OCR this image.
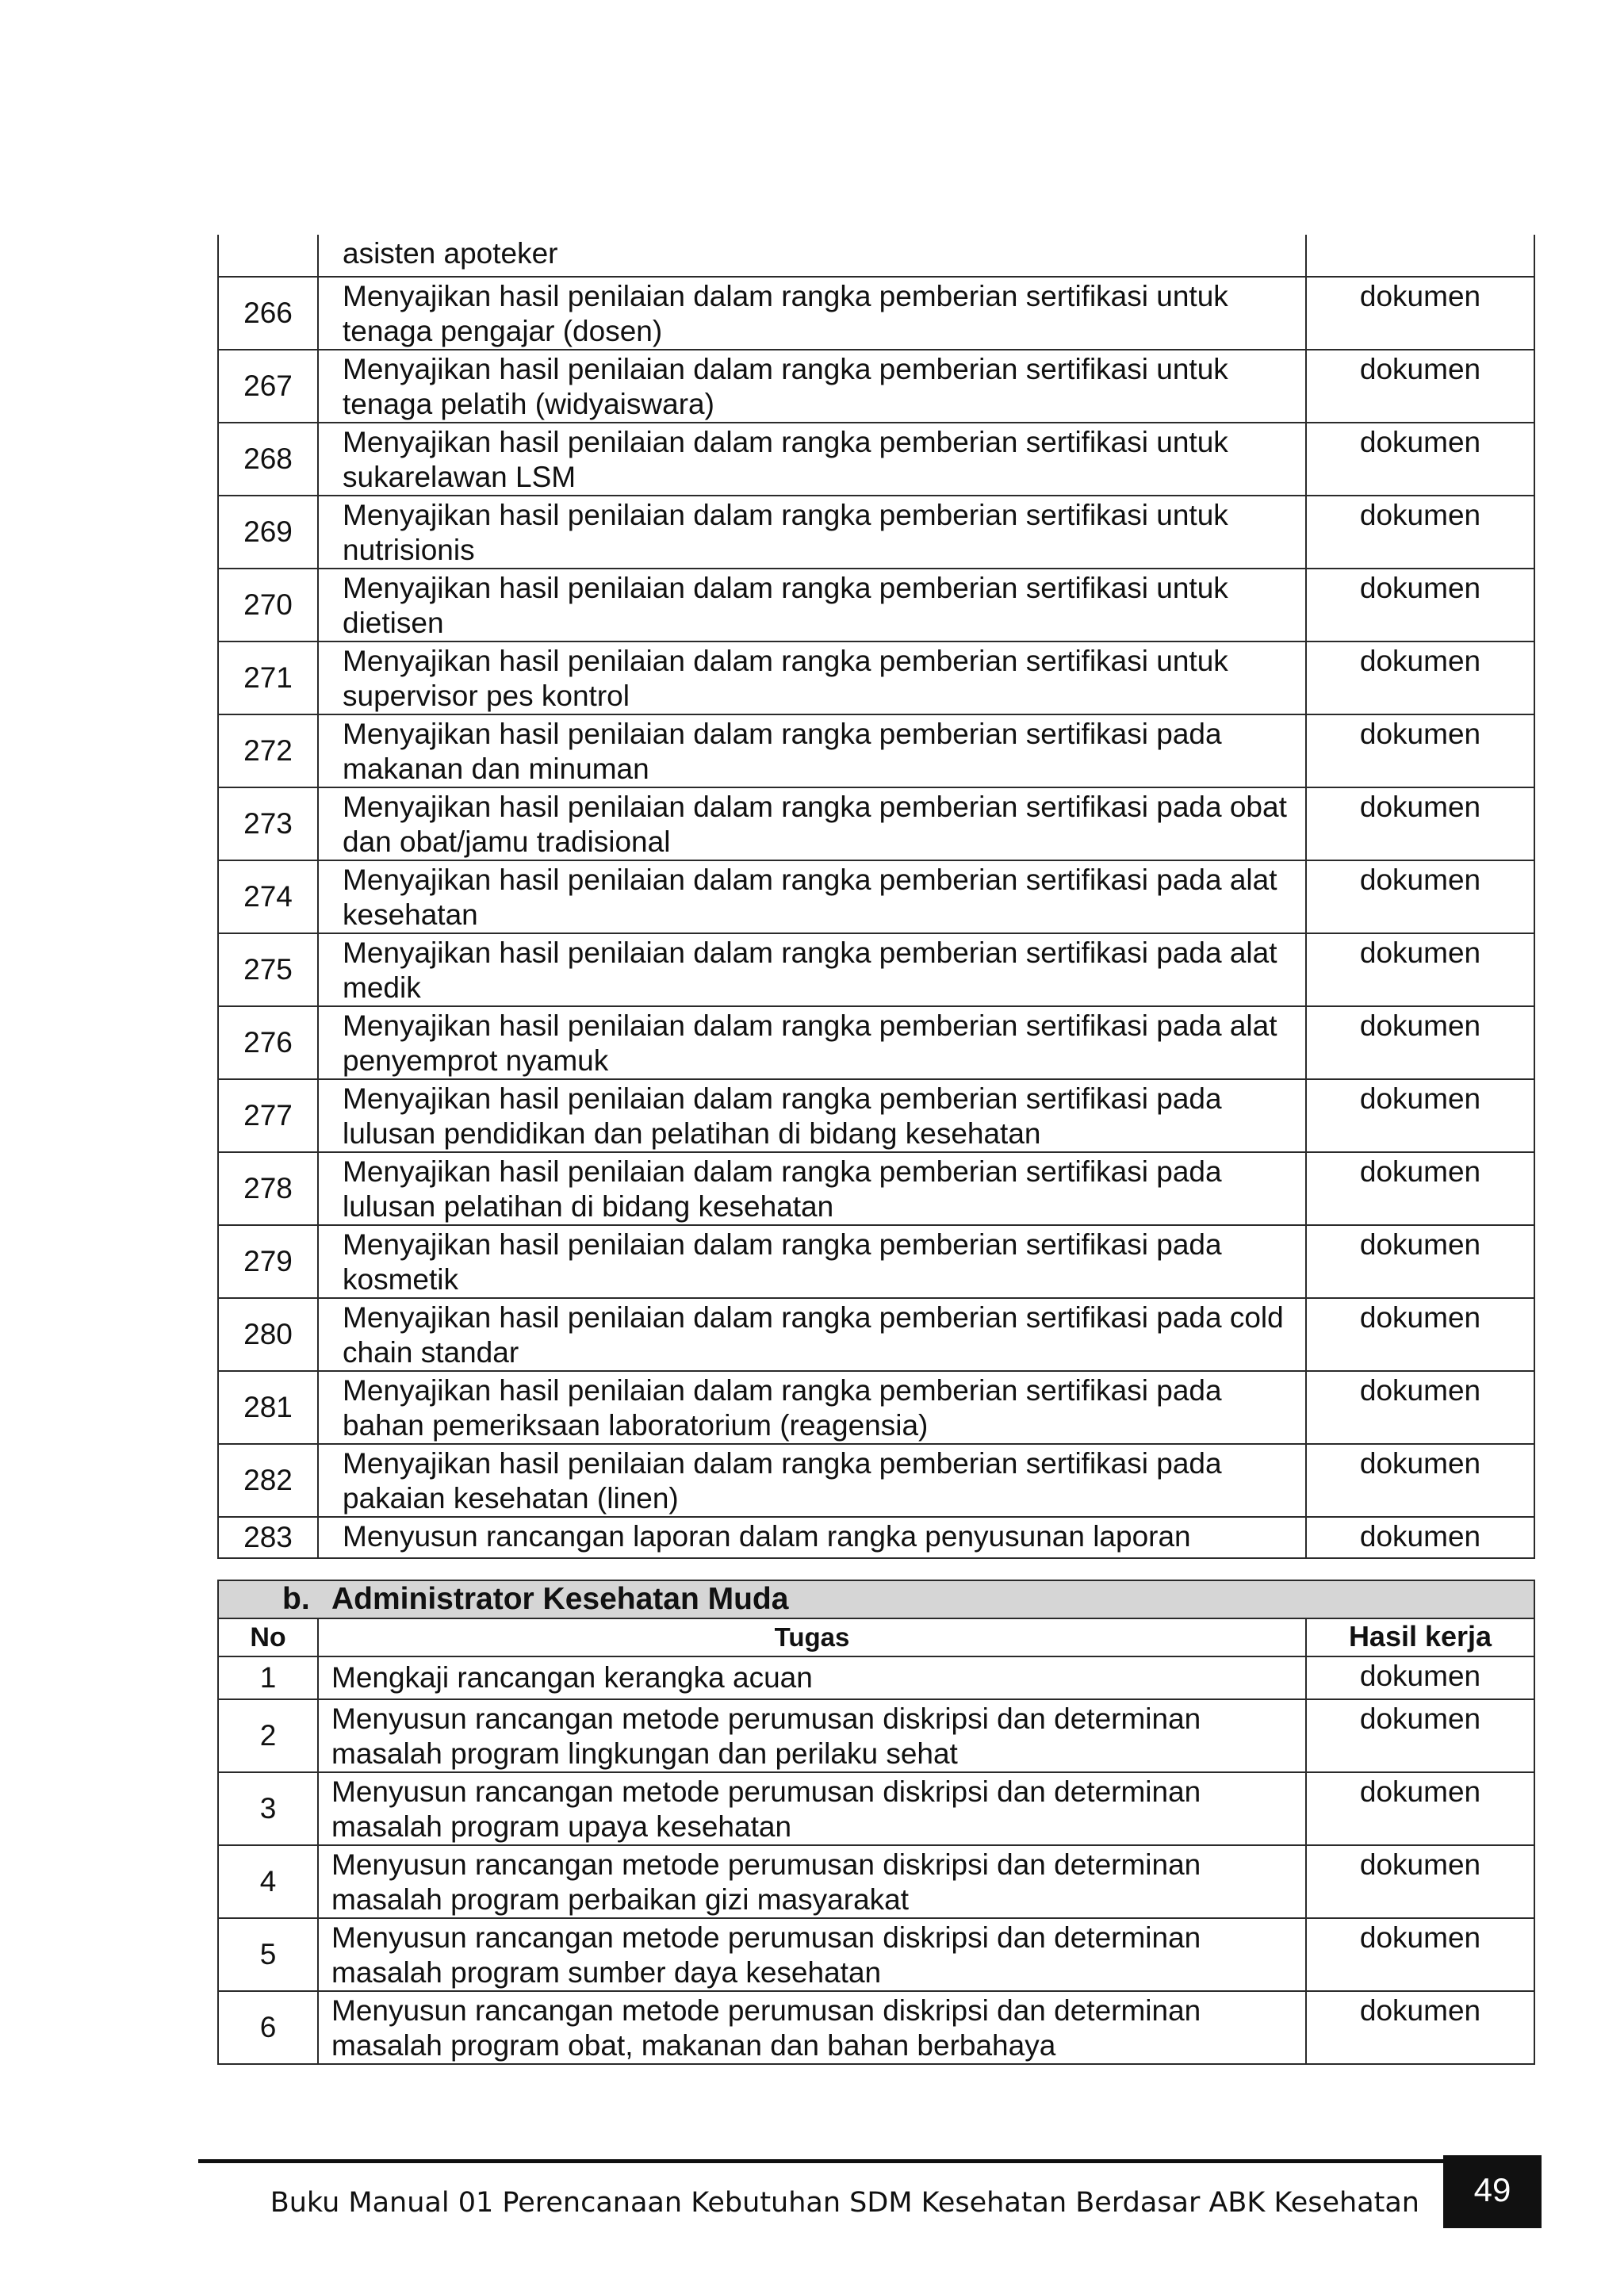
	asisten apoteker	
266	Menyajikan hasil penilaian dalam rangka pemberian sertifikasi untuk tenaga pengajar (dosen)	dokumen
267	Menyajikan hasil penilaian dalam rangka pemberian sertifikasi untuk tenaga pelatih (widyaiswara)	dokumen
268	Menyajikan hasil penilaian dalam rangka pemberian sertifikasi untuk sukarelawan LSM	dokumen
269	Menyajikan hasil penilaian dalam rangka pemberian sertifikasi untuk nutrisionis	dokumen
270	Menyajikan hasil penilaian dalam rangka pemberian sertifikasi untuk dietisen	dokumen
271	Menyajikan hasil penilaian dalam rangka pemberian sertifikasi untuk supervisor pes kontrol	dokumen
272	Menyajikan hasil penilaian dalam rangka pemberian sertifikasi pada makanan dan minuman	dokumen
273	Menyajikan hasil penilaian dalam rangka pemberian sertifikasi pada obat dan obat/jamu tradisional	dokumen
274	Menyajikan hasil penilaian dalam rangka pemberian sertifikasi pada alat kesehatan	dokumen
275	Menyajikan hasil penilaian dalam rangka pemberian sertifikasi pada alat medik	dokumen
276	Menyajikan hasil penilaian dalam rangka pemberian sertifikasi pada alat penyemprot nyamuk	dokumen
277	Menyajikan hasil penilaian dalam rangka pemberian sertifikasi pada lulusan pendidikan dan pelatihan di bidang kesehatan	dokumen
278	Menyajikan hasil penilaian dalam rangka pemberian sertifikasi pada lulusan pelatihan di bidang kesehatan	dokumen
279	Menyajikan hasil penilaian dalam rangka pemberian sertifikasi pada kosmetik	dokumen
280	Menyajikan hasil penilaian dalam rangka pemberian sertifikasi pada cold chain standar	dokumen
281	Menyajikan hasil penilaian dalam rangka pemberian sertifikasi pada bahan pemeriksaan laboratorium (reagensia)	dokumen
282	Menyajikan hasil penilaian dalam rangka pemberian sertifikasi pada pakaian kesehatan (linen)	dokumen
283	Menyusun rancangan laporan dalam rangka penyusunan laporan	dokumen
b. Administrator Kesehatan Muda		
No	Tugas	Hasil kerja
1	Mengkaji rancangan kerangka acuan	dokumen
2	Menyusun rancangan metode perumusan diskripsi dan determinan masalah program lingkungan dan perilaku sehat	dokumen
3	Menyusun rancangan metode perumusan diskripsi dan determinan masalah program upaya kesehatan	dokumen
4	Menyusun rancangan metode perumusan diskripsi dan determinan masalah program perbaikan gizi masyarakat	dokumen
5	Menyusun rancangan metode perumusan diskripsi dan determinan masalah program sumber daya kesehatan	dokumen
6	Menyusun rancangan metode perumusan diskripsi dan determinan masalah program obat, makanan dan bahan berbahaya	dokumen
Buku Manual 01 Perencanaan Kebutuhan SDM Kesehatan Berdasar ABK Kesehatan	49
